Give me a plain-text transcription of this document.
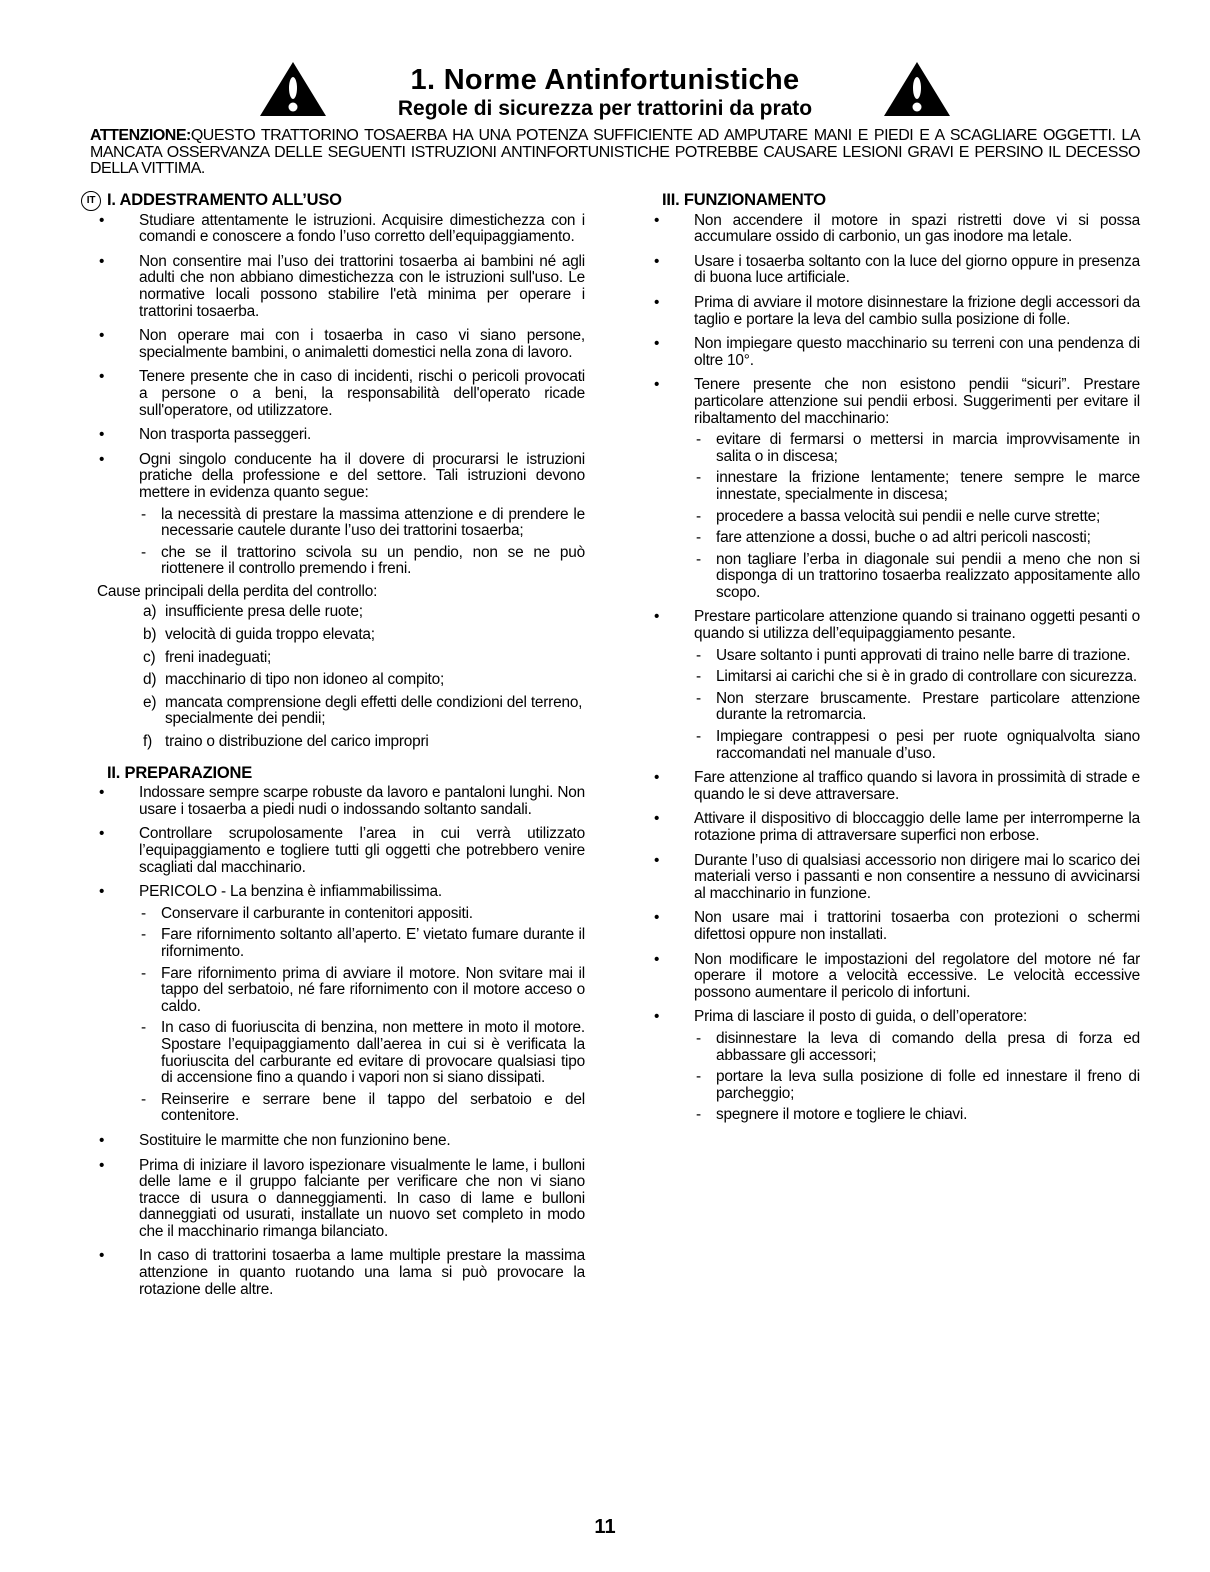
1. Norme Antinfortunistiche
Regole di sicurezza per trattorini da prato
ATTENZIONE:QUESTO TRATTORINO TOSAERBA HA UNA POTENZA SUFFICIENTE AD AMPUTARE MANI E PIEDI E A SCAGLIARE OGGETTI. LA MANCATA OSSERVANZA DELLE SEGUENTI ISTRUZIONI ANTINFORTUNISTICHE POTREBBE CAUSARE LESIONI GRAVI E PERSINO IL DECESSO DELLA VITTIMA.
I. ADDESTRAMENTO ALL’USO
IT
• Studiare attentamente le istruzioni. Acquisire dimestichezza con i comandi e conoscere a fondo l’uso corretto dell’equipaggiamento.
• Non consentire mai l’uso dei trattorini tosaerba ai bambini né agli adulti che non abbiano dimestichezza con le istruzioni sull'uso. Le normative locali possono stabilire l'età minima per operare i trattorini tosaerba.
• Non operare mai con i tosaerba in caso vi siano persone, specialmente bambini, o animaletti domestici nella zona di lavoro.
• Tenere presente che in caso di incidenti, rischi o pericoli provocati a persone o a beni, la responsabilità dell'operato ricade sull'operatore, od utilizzatore.
• Non trasporta passeggeri.
• Ogni singolo conducente ha il dovere di procurarsi le istruzioni pratiche della professione e del settore. Tali istruzioni devono mettere in evidenza quanto segue:
- la necessità di prestare la massima attenzione e di prendere le necessarie cautele durante l’uso dei trattorini tosaerba;
- che se il trattorino scivola su un pendio, non se ne può riottenere il controllo premendo i freni.
Cause principali della perdita del controllo:
a) insufficiente presa delle ruote;
b) velocità di guida troppo elevata;
c) freni inadeguati;
d) macchinario di tipo non idoneo al compito;
e) mancata comprensione degli effetti delle condizioni del terreno, specialmente dei pendii;
f) traino o distribuzione del carico impropri
II. PREPARAZIONE
• Indossare sempre scarpe robuste da lavoro e pantaloni lunghi. Non usare i tosaerba a piedi nudi o indossando soltanto sandali.
• Controllare scrupolosamente l’area in cui verrà utilizzato l’equipaggiamento e togliere tutti gli oggetti che potrebbero venire scagliati dal macchinario.
• PERICOLO - La benzina è infiammabilissima.
- Conservare il carburante in contenitori appositi.
- Fare rifornimento soltanto all’aperto. E’ vietato fumare durante il rifornimento.
- Fare rifornimento prima di avviare il motore. Non svitare mai il tappo del serbatoio, né fare rifornimento con il motore acceso o caldo.
- In caso di fuoriuscita di benzina, non mettere in moto il motore. Spostare l’equipaggiamento dall’aerea in cui si è verificata la fuoriuscita del carburante ed evitare di provocare qualsiasi tipo di accensione fino a quando i vapori non si siano dissipati.
- Reinserire e serrare bene il tappo del serbatoio e del contenitore.
• Sostituire le marmitte che non funzionino bene.
• Prima di iniziare il lavoro ispezionare visualmente le lame, i bulloni delle lame e il gruppo falciante per verificare che non vi siano tracce di usura o danneggiamenti. In caso di lame e bulloni danneggiati od usurati, installate un nuovo set completo in modo che il macchinario rimanga bilanciato.
• In caso di trattorini tosaerba a lame multiple prestare la massima attenzione in quanto ruotando una lama si può provocare la rotazione delle altre.
III. FUNZIONAMENTO
• Non accendere il motore in spazi ristretti dove vi si possa accumulare ossido di carbonio, un gas inodore ma letale.
• Usare i tosaerba soltanto con la luce del giorno oppure in presenza di buona luce artificiale.
• Prima di avviare il motore disinnestare la frizione degli accessori da taglio e portare la leva del cambio sulla posizione di folle.
• Non impiegare questo macchinario su terreni con una pendenza di oltre 10°.
• Tenere presente che non esistono pendii “sicuri”. Prestare particolare attenzione sui pendii erbosi. Suggerimenti per evitare il ribaltamento del macchinario:
- evitare di fermarsi o mettersi in marcia improvvisamente in salita o in discesa;
- innestare la frizione lentamente; tenere sempre le marce innestate, specialmente in discesa;
- procedere a bassa velocità sui pendii e nelle curve strette;
- fare attenzione a dossi, buche o ad altri pericoli nascosti;
- non tagliare l’erba in diagonale sui pendii a meno che non si disponga di un trattorino tosaerba realizzato appositamente allo scopo.
• Prestare particolare attenzione quando si trainano oggetti pesanti o quando si utilizza dell’equipaggiamento pesante.
- Usare soltanto i punti approvati di traino nelle barre di trazione.
- Limitarsi ai carichi che si è in grado di controllare con sicurezza.
- Non sterzare bruscamente. Prestare particolare attenzione durante la retromarcia.
- Impiegare contrappesi o pesi per ruote ogniqualvolta siano raccomandati nel manuale d’uso.
• Fare attenzione al traffico quando si lavora in prossimità di strade e quando le si deve attraversare.
• Attivare il dispositivo di bloccaggio delle lame per interromperne la rotazione prima di attraversare superfici non erbose.
• Durante l’uso di qualsiasi accessorio non dirigere mai lo scarico dei materiali verso i passanti e non consentire a nessuno di avvicinarsi al macchinario in funzione.
• Non usare mai i trattorini tosaerba con protezioni o schermi difettosi oppure non installati.
• Non modificare le impostazioni del regolatore del motore né far operare il motore a velocità eccessive. Le velocità eccessive possono aumentare il pericolo di infortuni.
• Prima di lasciare il posto di guida, o dell’operatore:
- disinnestare la leva di comando della presa di forza ed abbassare gli accessori;
- portare la leva sulla posizione di folle ed innestare il freno di parcheggio;
- spegnere il motore e togliere le chiavi.
11
